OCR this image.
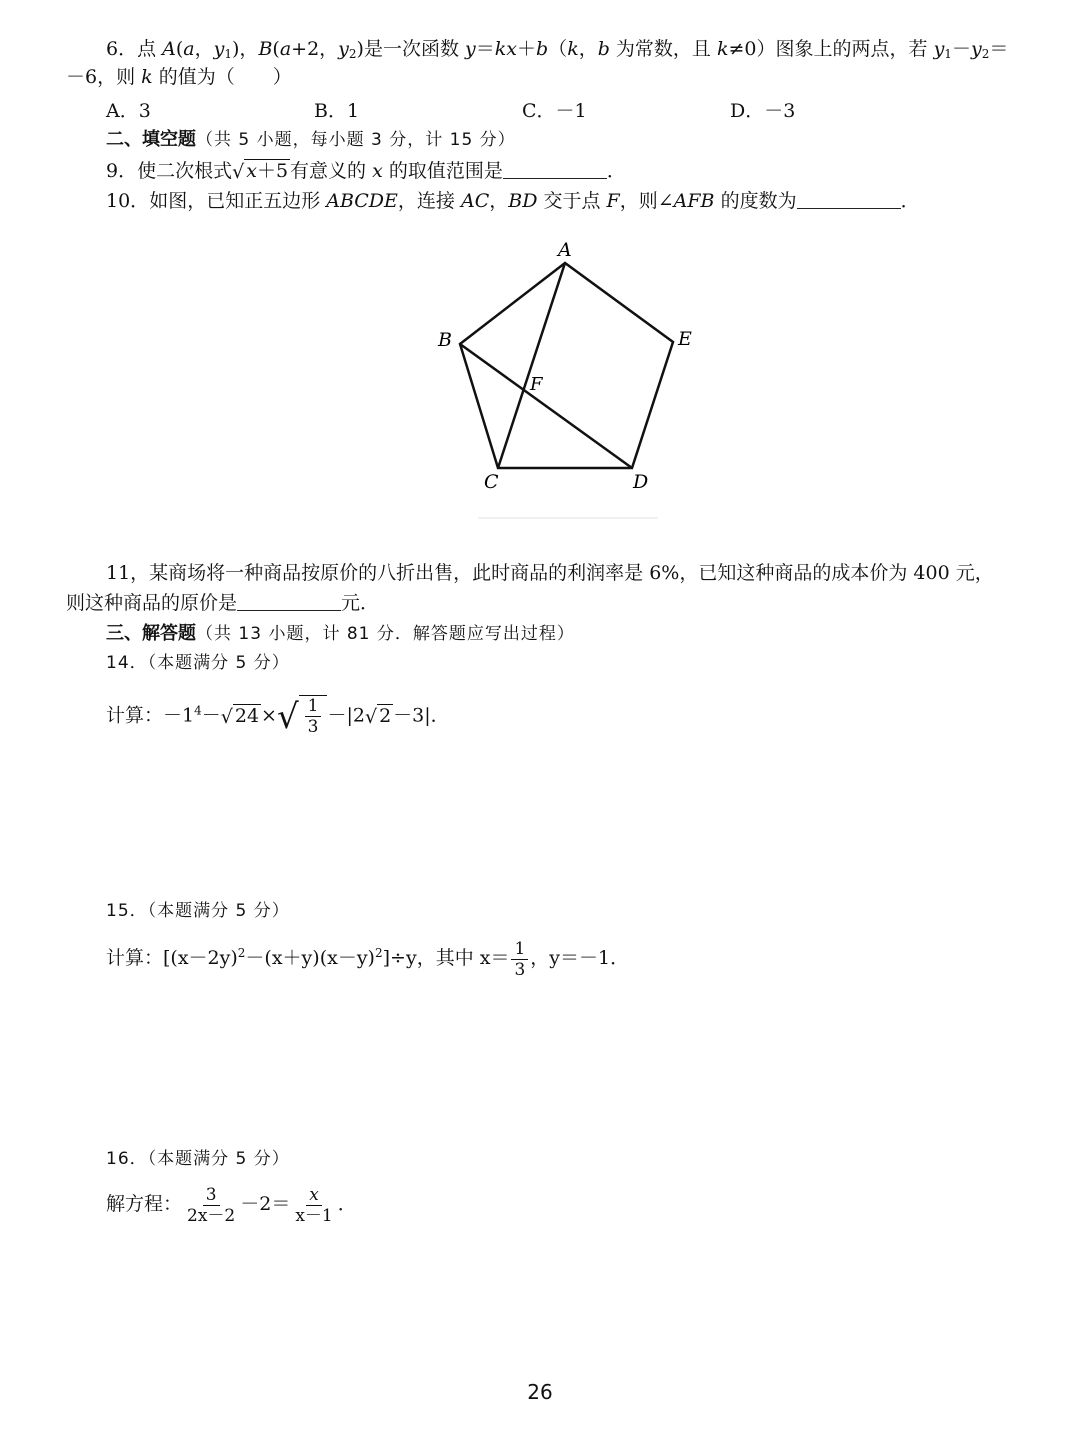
6．点 A(a，$y_1$)，B(a+2，$y_2$)是一次函数 y＝kx＋b（k，b 为常数，且 k≠0）图象上的两点，若 $y_1-y_2=$
－6，则 k 的值为（　　）
A．3	B．1	C．－1	D．－3
二、填空题（共 5 小题，每小题 3 分，计 15 分）
9．使二次根式√ x＋5 有意义的 x 的取值范围是	．
10．如图，已知正五边形 ABCDE，连接 AC，BD 交于点 F，则∠AFB 的度数为	．
A
B
C	D
E
F
11，某商场将一种商品按原价的八折出售，此时商品的利润率是 6%，已知这种商品的成本价为 400 元，
则这种商品的原价是	元．
三、解答题（共 13 小题，计 81 分．解答题应写出过程）
14．（本题满分 5 分）
计算：$-1^4-√$ 24 ×√ $\frac{1}{3} -|2√$ 2 －3|．
15．（本题满分 5 分）
计算：$[(x-2y)^2-(x+y)(x-y)^2]\div y$，其中 $x= \frac{1}{3}$ ，y＝－1．
16．（本题满分 5 分）
解方程： $\frac{3}{2x-2} -2= \frac{x}{x-1}$ ．
26
